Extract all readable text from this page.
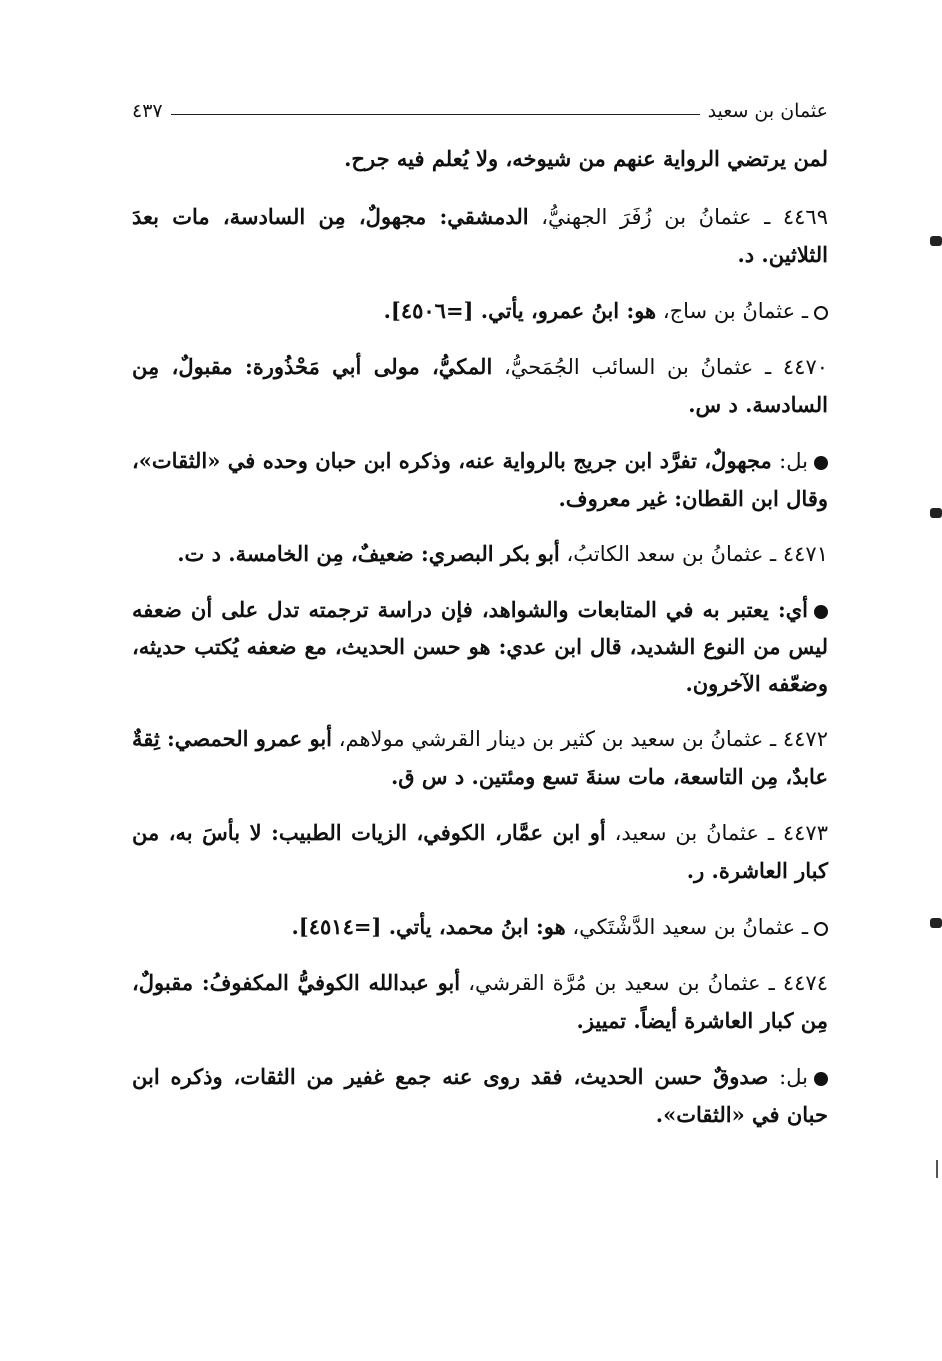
عثمان بن سعيد
٤٣٧

لمن يرتضي الرواية عنهم من شيوخه، ولا يُعلم فيه جرح.

٤٤٦٩ ـ عثمانُ بن زُفَرَ الجهنيُّ، الدمشقي: مجهولٌ، مِن السادسة، مات بعدَ الثلاثين. د.

ـ عثمانُ بن ساج، هو: ابنُ عمرو، يأتي. [=٤٥٠٦].

٤٤٧٠ ـ عثمانُ بن السائب الجُمَحيُّ، المكيُّ، مولى أبي مَحْذُورة: مقبولٌ، مِن السادسة. د س.

بل: مجهولٌ، تفرَّد ابن جريج بالرواية عنه، وذكره ابن حبان وحده في «الثقات»، وقال ابن القطان: غير معروف.

٤٤٧١ ـ عثمانُ بن سعد الكاتبُ، أبو بكر البصري: ضعيفٌ، مِن الخامسة. د ت.

أي: يعتبر به في المتابعات والشواهد، فإن دراسة ترجمته تدل على أن ضعفه ليس من النوع الشديد، قال ابن عدي: هو حسن الحديث، مع ضعفه يُكتب حديثه، وضعّفه الآخرون.

٤٤٧٢ ـ عثمانُ بن سعيد بن كثير بن دينار القرشي مولاهم، أبو عمرو الحمصي: ثِقةٌ عابدٌ، مِن التاسعة، مات سنةَ تسع ومئتين. د س ق.

٤٤٧٣ ـ عثمانُ بن سعيد، أو ابن عمَّار، الكوفي، الزيات الطبيب: لا بأسَ به، من كبار العاشرة. ر.

ـ عثمانُ بن سعيد الدَّشْتَكي، هو: ابنُ محمد، يأتي. [=٤٥١٤].

٤٤٧٤ ـ عثمانُ بن سعيد بن مُرَّة القرشي، أبو عبدالله الكوفيُّ المكفوفُ: مقبولٌ، مِن كبار العاشرة أيضاً. تمييز.

بل: صدوقٌ حسن الحديث، فقد روى عنه جمع غفير من الثقات، وذكره ابن حبان في «الثقات».
